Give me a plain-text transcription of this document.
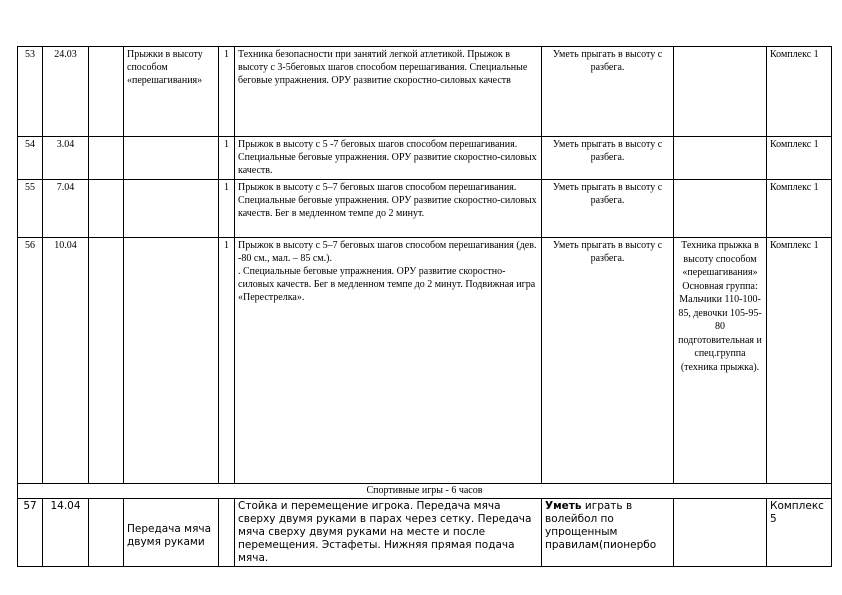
53	24.03		Прыжки в высоту способом «перешагивания»	1	Техника безопасности при занятий легкой атлетикой. Прыжок в высоту с 3-5беговых шагов способом перешагивания. Специальные беговые упражнения. ОРУ развитие скоростно-силовых качеств	Уметь прыгать в высоту с разбега.		Комплекс 1
54	3.04			1	Прыжок в высоту с 5 -7 беговых шагов способом перешагивания. Специальные беговые упражнения. ОРУ развитие скоростно-силовых качеств.	Уметь прыгать в высоту с разбега.		Комплекс 1
55	7.04			1	Прыжок в высоту с 5–7 беговых шагов способом перешагивания. Специальные беговые упражнения. ОРУ развитие скоростно-силовых качеств. Бег в медленном темпе до 2 минут.	Уметь прыгать в высоту с разбега.		Комплекс 1
56	10.04			1	Прыжок в высоту с 5–7 беговых шагов способом перешагивания (дев. -80 см., мал. – 85 см.).
. Специальные беговые упражнения. ОРУ развитие скоростно-силовых качеств. Бег в медленном темпе до 2 минут. Подвижная игра «Перестрелка».	Уметь прыгать в высоту с разбега.	Техника прыжка в высоту способом «перешагивания» Основная группа: Мальчики 110-100-85, девочки 105-95-80 подготовительная и спец.группа (техника прыжка).	Комплекс 1
Спортивные игры - 6 часов								
57	14.04		Передача мяча двумя руками		Стойка и перемещение игрока. Передача мяча сверху двумя руками в парах через сетку. Передача мяча сверху двумя руками на месте и после перемещения. Эстафеты. Нижняя прямая подача мяча.	Уметь играть в волейбол по упрощенным правилам(пионербо		Комплекс 5
